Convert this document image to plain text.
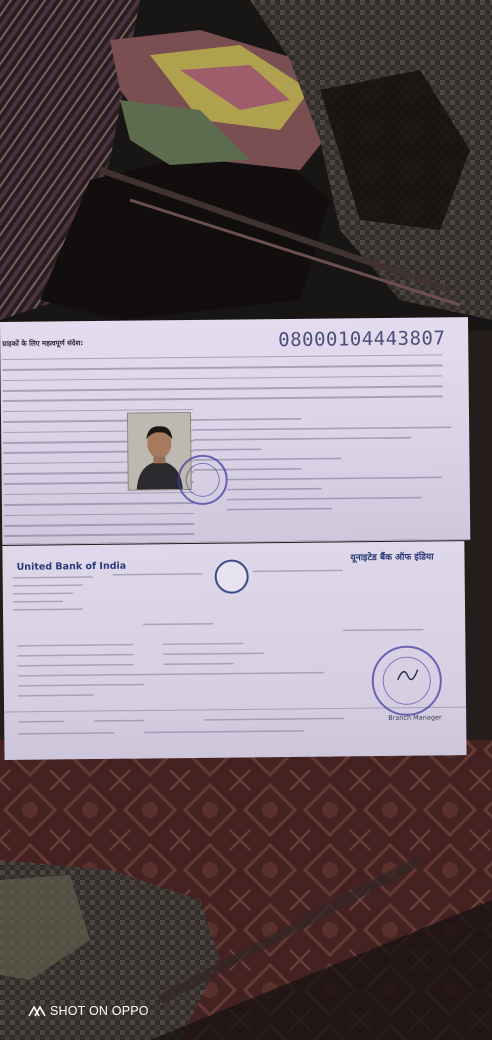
ग्राहकों के लिए महत्वपूर्ण संदेश:	08000104443807
United Bank of India
यूनाइटेड बैंक ऑफ इंडिया
Branch Manager
SHOT ON OPPO
